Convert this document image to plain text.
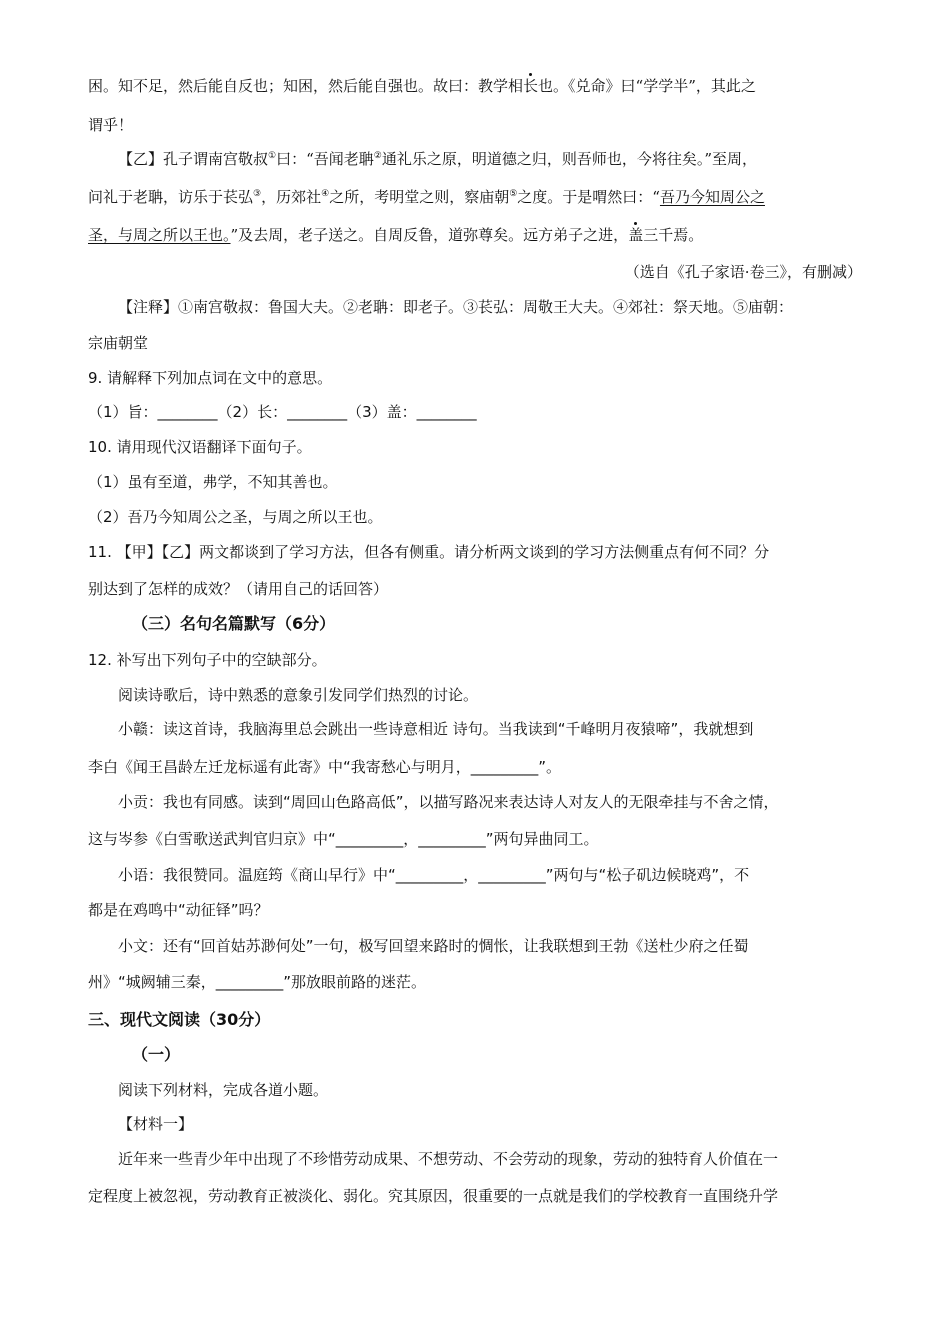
困。知不足，然后能自反也；知困，然后能自强也。故曰：教学相长也。《兑命》曰“学学半”，其此之
谓乎！
【乙】孔子谓南宫敬叔①曰：“吾闻老聃②通礼乐之原，明道德之归，则吾师也，今将往矣。”至周，
问礼于老聃，访乐于苌弘③，历郊社④之所，考明堂之则，察庙朝⑤之度。于是喟然曰：“吾乃今知周公之
圣，与周之所以王也。”及去周，老子送之。自周反鲁，道弥尊矣。远方弟子之进，盖三千焉。
（选自《孔子家语·卷三》，有删减）
【注释】①南宫敬叔：鲁国大夫。②老聃：即老子。③苌弘：周敬王大夫。④郊社：祭天地。⑤庙朝：
宗庙朝堂
9. 请解释下列加点词在文中的意思。
（1）旨：________（2）长：________（3）盖：________
10. 请用现代汉语翻译下面句子。
（1）虽有至道，弗学，不知其善也。
（2）吾乃今知周公之圣，与周之所以王也。
11. 【甲】【乙】两文都谈到了学习方法，但各有侧重。请分析两文谈到的学习方法侧重点有何不同？分
别达到了怎样的成效？（请用自己的话回答）
（三）名句名篇默写（6分）
12. 补写出下列句子中的空缺部分。
阅读诗歌后，诗中熟悉的意象引发同学们热烈的讨论。
小赣：读这首诗，我脑海里总会跳出一些诗意相近 诗句。当我读到“千峰明月夜猿啼”，我就想到
李白《闻王昌龄左迁龙标遥有此寄》中“我寄愁心与明月，_________”。
小贡：我也有同感。读到“周回山色路高低”，以描写路况来表达诗人对友人的无限牵挂与不舍之情，
这与岑参《白雪歌送武判官归京》中“_________，_________”两句异曲同工。
小语：我很赞同。温庭筠《商山早行》中“_________，_________”两句与“松子矶边候晓鸡”，不
都是在鸡鸣中“动征铎”吗？
小文：还有“回首姑苏渺何处”一句，极写回望来路时的惆怅，让我联想到王勃《送杜少府之任蜀
州》“城阙辅三秦，_________”那放眼前路的迷茫。
三、现代文阅读（30分）
（一）
阅读下列材料，完成各道小题。
【材料一】
近年来一些青少年中出现了不珍惜劳动成果、不想劳动、不会劳动的现象，劳动的独特育人价值在一
定程度上被忽视，劳动教育正被淡化、弱化。究其原因，很重要的一点就是我们的学校教育一直围绕升学
